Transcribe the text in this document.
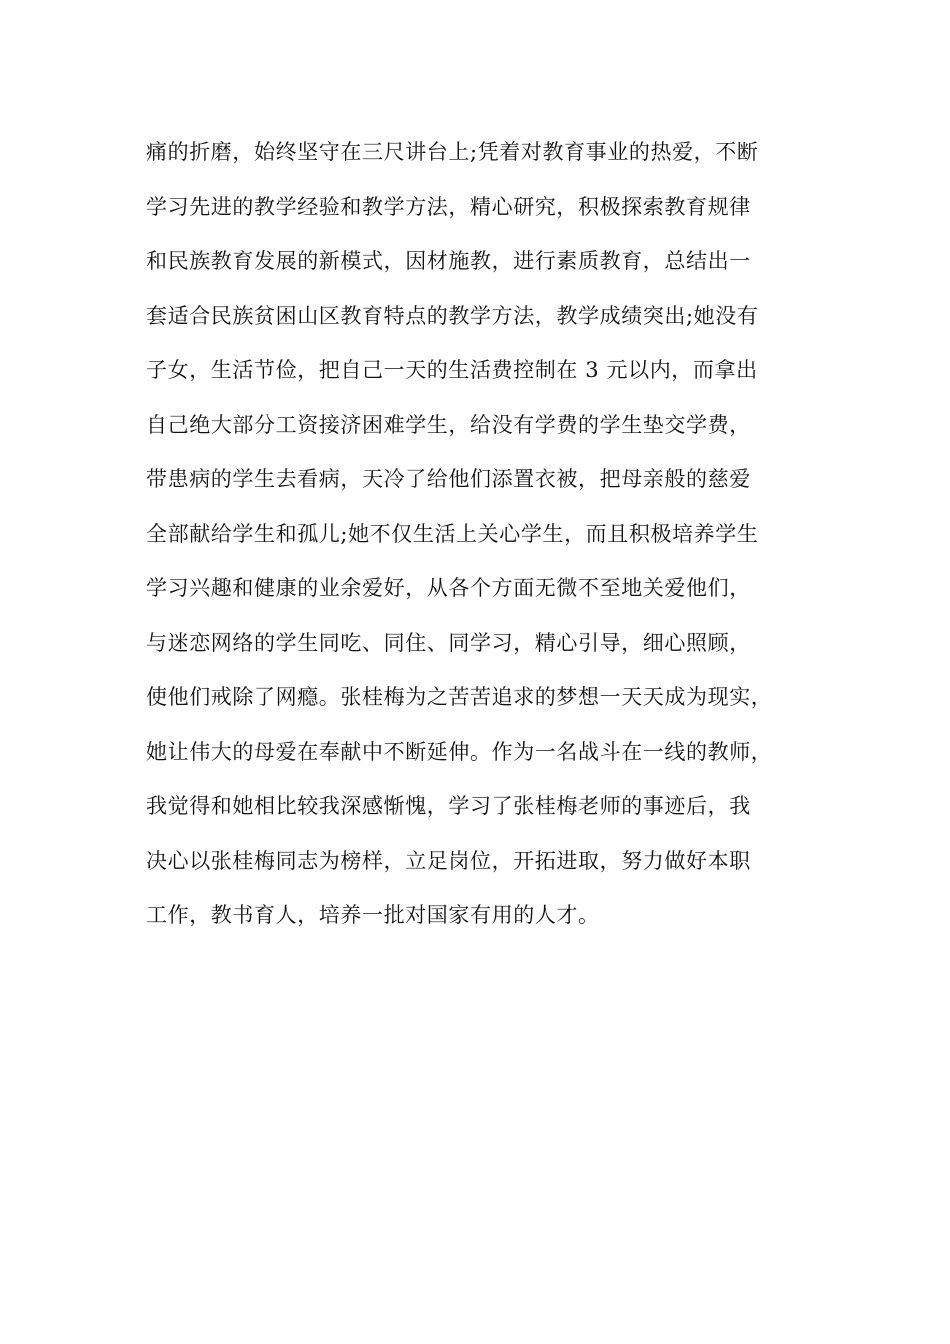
痛的折磨，始终坚守在三尺讲台上;凭着对教育事业的热爱，不断
学习先进的教学经验和教学方法，精心研究，积极探索教育规律
和民族教育发展的新模式，因材施教，进行素质教育，总结出一
套适合民族贫困山区教育特点的教学方法，教学成绩突出;她没有
子女，生活节俭，把自己一天的生活费控制在 3 元以内，而拿出
自己绝大部分工资接济困难学生，给没有学费的学生垫交学费，
带患病的学生去看病，天冷了给他们添置衣被，把母亲般的慈爱
全部献给学生和孤儿;她不仅生活上关心学生，而且积极培养学生
学习兴趣和健康的业余爱好，从各个方面无微不至地关爱他们，
与迷恋网络的学生同吃、同住、同学习，精心引导，细心照顾，
使他们戒除了网瘾。张桂梅为之苦苦追求的梦想一天天成为现实，
她让伟大的母爱在奉献中不断延伸。作为一名战斗在一线的教师，
我觉得和她相比较我深感惭愧，学习了张桂梅老师的事迹后，我
决心以张桂梅同志为榜样，立足岗位，开拓进取，努力做好本职
工作，教书育人，培养一批对国家有用的人才。
